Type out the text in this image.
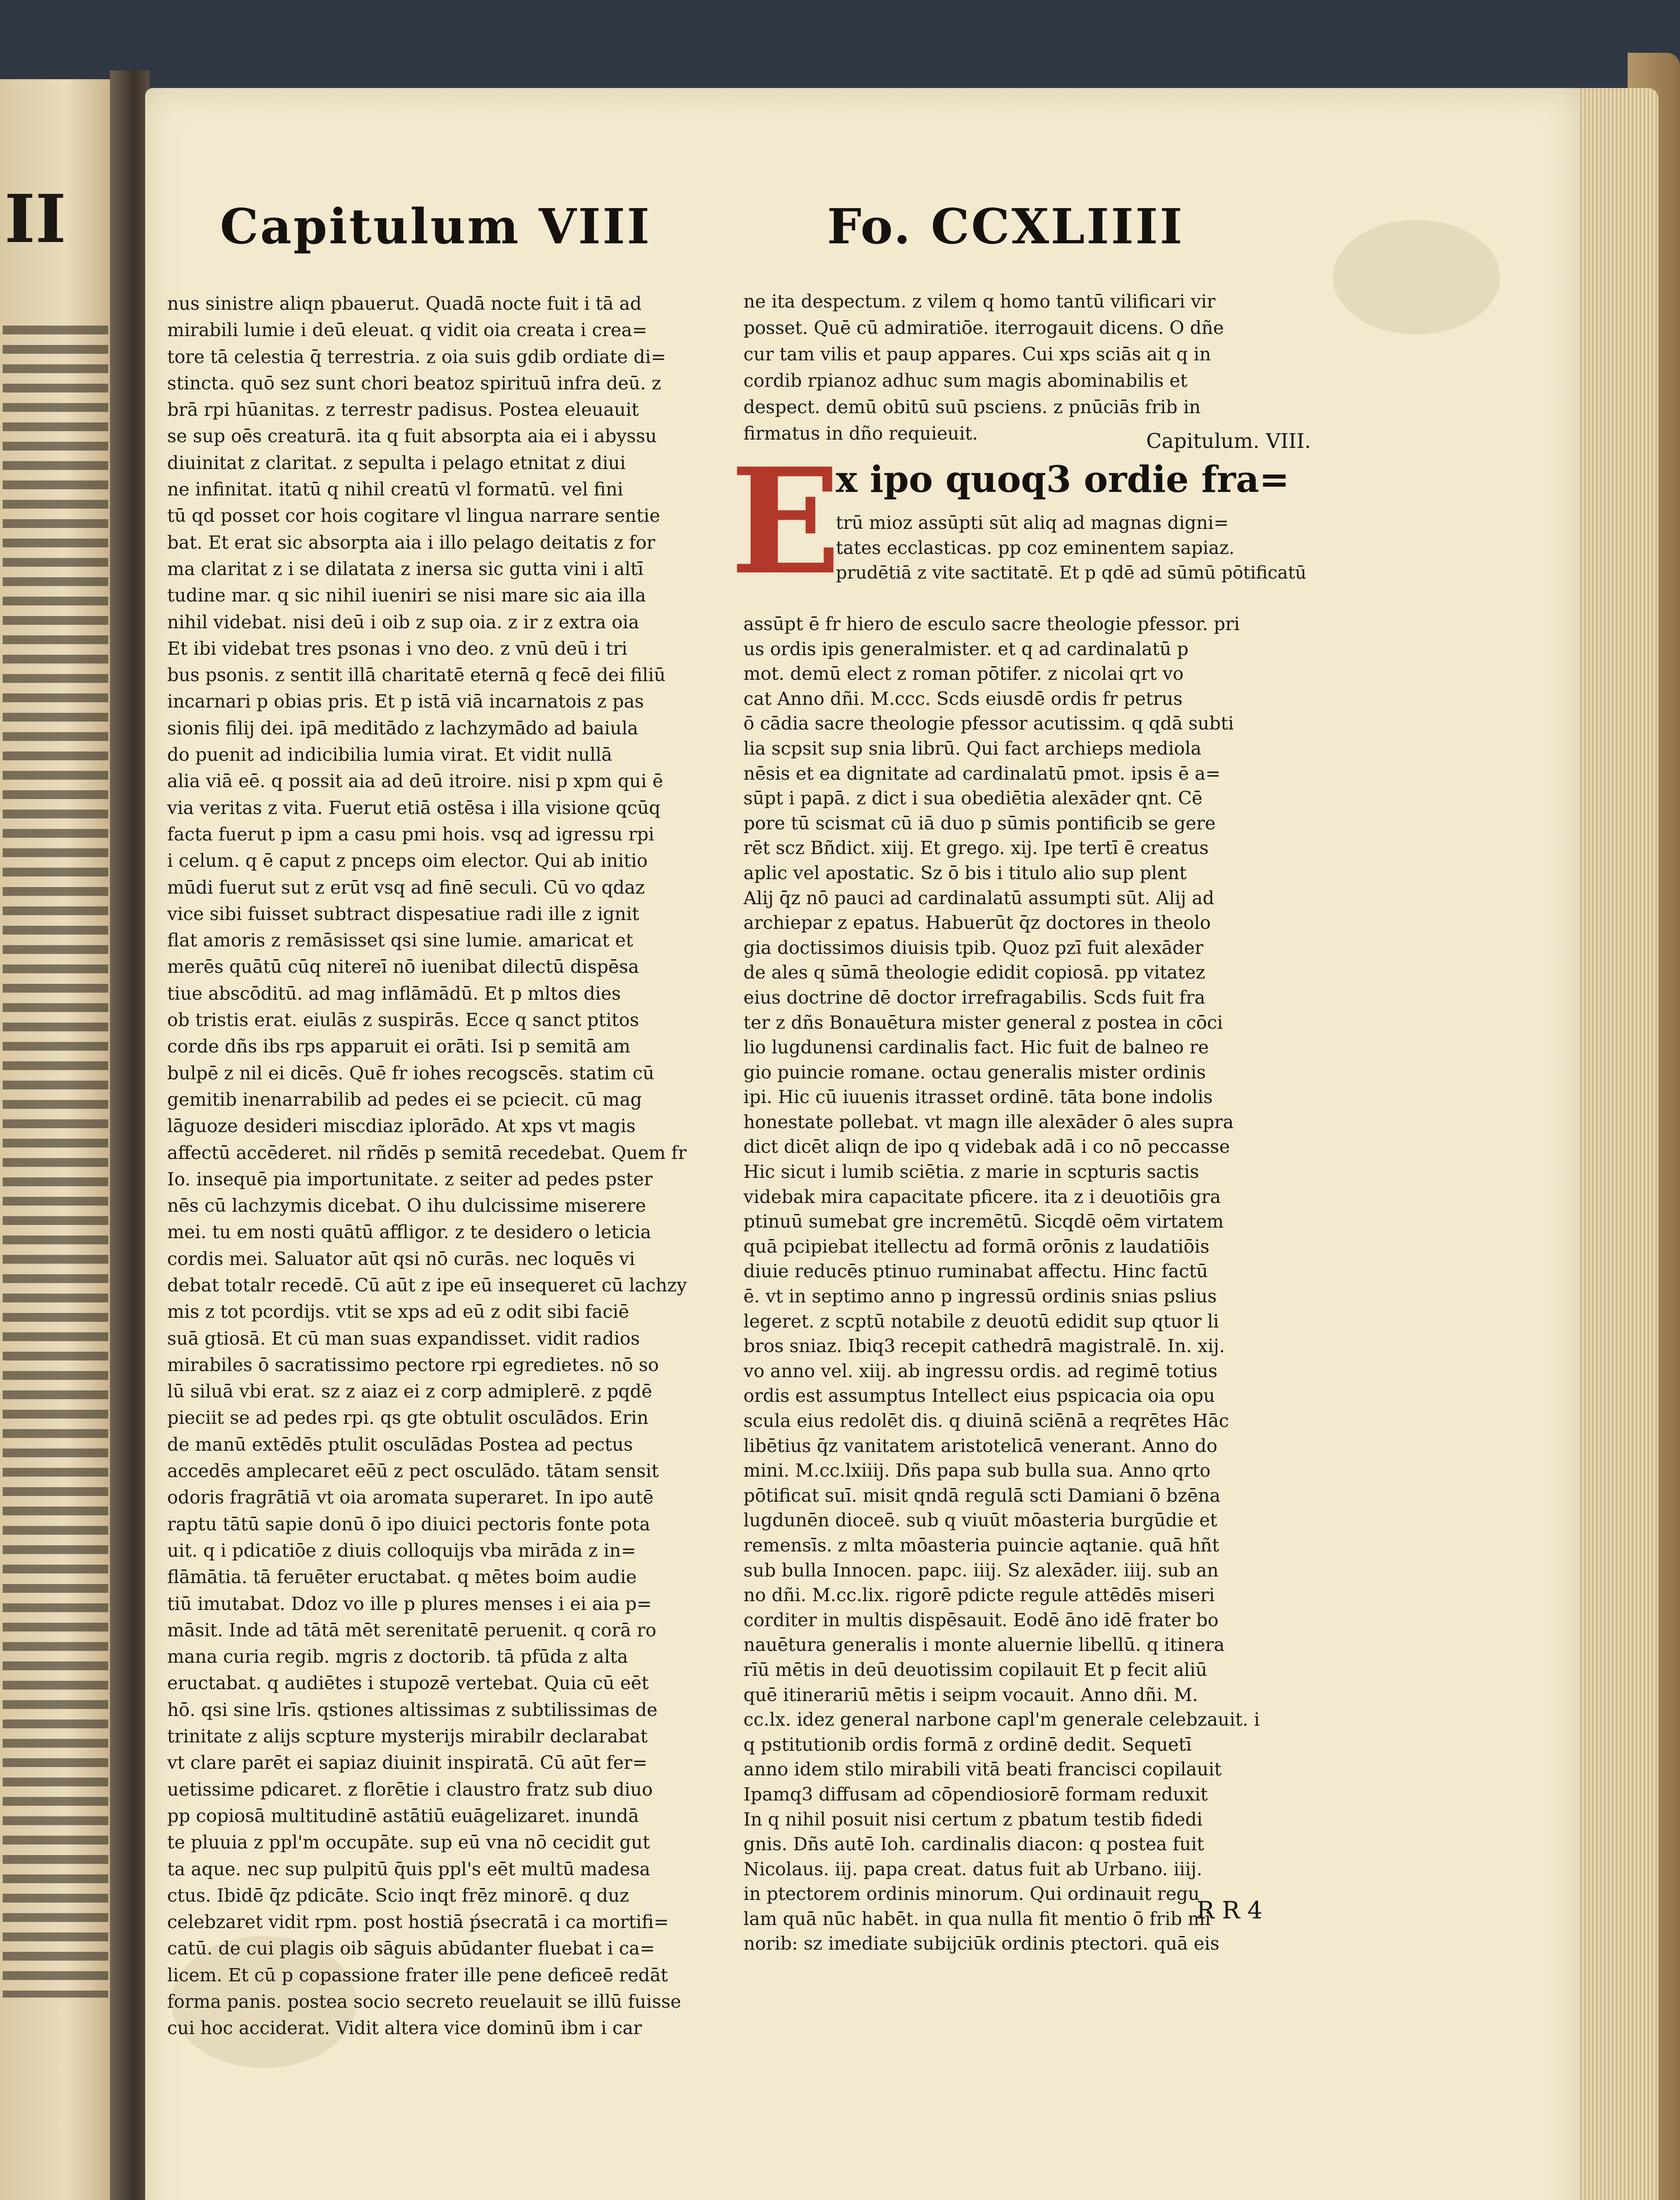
II	Capitulum VIII	Fo. CCXLIIII

nus sinistre aliqn pbauerut. Quadā nocte fuit i tā ad

mirabili lumie i deū eleuat. q vidit oia creata i crea=

tore tā celestia q̄ terrestria. z oia suis gdib ordiate di=

stincta. quō sez sunt chori beatoz spirituū infra deū. z

brā rpi hūanitas. z terrestr padisus. Postea eleuauit

se sup oēs creaturā. ita q fuit absorpta aia ei i abyssu

diuinitat z claritat. z sepulta i pelago etnitat z diui

ne infinitat. itatū q nihil creatū vl formatū. vel fini

tū qd posset cor hois cogitare vl lingua narrare sentie

bat. Et erat sic absorpta aia i illo pelago deitatis z for

ma claritat z i se dilatata z inersa sic gutta vini i altī

tudine mar. q sic nihil iueniri se nisi mare sic aia illa

nihil videbat. nisi deū i oib z sup oia. z ir z extra oia

Et ibi videbat tres psonas i vno deo. z vnū deū i tri

bus psonis. z sentit illā charitatē eternā q fecē dei filiū

incarnari p obias pris. Et p istā viā incarnatois z pas

sionis filij dei. ipā meditādo z lachzymādo ad baiula

do puenit ad indicibilia lumia virat. Et vidit nullā

alia viā eē. q possit aia ad deū itroire. nisi p xpm qui ē

via veritas z vita. Fuerut etiā ostēsa i illa visione qcūq

facta fuerut p ipm a casu pmi hois. vsq ad igressu rpi

i celum. q ē caput z pnceps oim elector. Qui ab initio

mūdi fuerut sut z erūt vsq ad finē seculi. Cū vo qdaz

vice sibi fuisset subtract dispesatiue radi ille z ignit

flat amoris z remāsisset qsi sine lumie. amaricat et

merēs quātū cūq nitereī nō iuenibat dilectū dispēsa

tiue abscōditū. ad mag inflāmādū. Et p mltos dies

ob tristis erat. eiulās z suspirās. Ecce q sanct ptitos

corde dñs ibs rps apparuit ei orāti. Isi p semitā am

bulpē z nil ei dicēs. Quē fr iohes recogscēs. statim cū

gemitib inenarrabilib ad pedes ei se pciecit. cū mag

lāguoze desideri miscdiaz iplorādo. At xps vt magis

affectū accēderet. nil rñdēs p semitā recedebat. Quem fr

Io. insequē pia importunitate. z seiter ad pedes pster

nēs cū lachzymis dicebat. O ihu dulcissime miserere

mei. tu em nosti quātū affligor. z te desidero o leticia

cordis mei. Saluator aūt qsi nō curās. nec loquēs vi

debat totalr recedē. Cū aūt z ipe eū insequeret cū lachzy

mis z tot pcordijs. vtit se xps ad eū z odit sibi faciē

suā gtiosā. Et cū man suas expandisset. vidit radios

mirabiles ō sacratissimo pectore rpi egredietes. nō so

lū siluā vbi erat. sz z aiaz ei z corp admiplerē. z pqdē

pieciit se ad pedes rpi. qs gte obtulit osculādos. Erin

de manū extēdēs ptulit osculādas Postea ad pectus

accedēs amplecaret eēū z pect osculādo. tātam sensit

odoris fragrātiā vt oia aromata superaret. In ipo autē

raptu tātū sapie donū ō ipo diuici pectoris fonte pota

uit. q i pdicatiōe z diuis colloquijs vba mirāda z in=

flāmātia. tā feruēter eructabat. q mētes boim audie

tiū imutabat. Ddoz vo ille p plures menses i ei aia p=

māsit. Inde ad tātā mēt serenitatē peruenit. q corā ro

mana curia regib. mgris z doctorib. tā pfūda z alta

eructabat. q audiētes i stupozē vertebat. Quia cū eēt

hō. qsi sine lrīs. qstiones altissimas z subtilissimas de

trinitate z alijs scpture mysterijs mirabilr declarabat

vt clare parēt ei sapiaz diuinit inspiratā. Cū aūt fer=

uetissime pdicaret. z florētie i claustro fratz sub diuo

pp copiosā multitudinē astātiū euāgelizaret. inundā

te pluuia z ppl'm occupāte. sup eū vna nō cecidit gut

ta aque. nec sup pulpitū q̄uis ppl's eēt multū madesa

ctus. Ibidē q̄z pdicāte. Scio inqt frēz minorē. q duz

celebzaret vidit rpm. post hostiā ṕsecratā i ca mortifi=

catū. de cui plagis oib sāguis abūdanter fluebat i ca=

licem. Et cū p copassione frater ille pene deficeē redāt

forma panis. postea socio secreto reuelauit se illū fuisse

cui hoc acciderat. Vidit altera vice dominū ibm i car

ne ita despectum. z vilem q homo tantū vilificari vir

posset. Quē cū admiratiōe. iterrogauit dicens. O dñe

cur tam vilis et paup appares. Cui xps sciās ait q in

cordib rpianoz adhuc sum magis abominabilis et

despect. demū obitū suū psciens. z pnūciās frib in

firmatus in dño requieuit.	Capitulum. VIII.

E

x ipo quoq3 ordie fra=

trū mioz assūpti sūt aliq ad magnas digni=

tates ecclasticas. pp coz eminentem sapiaz.

prudētiā z vite sactitatē. Et p qdē ad sūmū pōtificatū

assūpt ē fr hiero de esculo sacre theologie pfessor. pri

us ordis ipis generalmister. et q ad cardinalatū p

mot. demū elect z roman pōtifer. z nicolai qrt vo

cat Anno dñi. M.ccc. Scds eiusdē ordis fr petrus

ō cādia sacre theologie pfessor acutissim. q qdā subti

lia scpsit sup snia librū. Qui fact archieps mediola

nēsis et ea dignitate ad cardinalatū pmot. ipsis ē a=

sūpt i papā. z dict i sua obediētia alexāder qnt. Cē

pore tū scismat cū iā duo p sūmis pontificib se gere

rēt scz Bñdict. xiij. Et grego. xij. Ipe tertī ē creatus

aplic vel apostatic. Sz ō bis i titulo alio sup plent

Alij q̄z nō pauci ad cardinalatū assumpti sūt. Alij ad

archiepar z epatus. Habuerūt q̄z doctores in theolo

gia doctissimos diuisis tpib. Quoz pzī fuit alexāder

de ales q sūmā theologie edidit copiosā. pp vitatez

eius doctrine dē doctor irrefragabilis. Scds fuit fra

ter z dñs Bonauētura mister general z postea in cōci

lio lugdunensi cardinalis fact. Hic fuit de balneo re

gio puincie romane. octau generalis mister ordinis

ipi. Hic cū iuuenis itrasset ordinē. tāta bone indolis

honestate pollebat. vt magn ille alexāder ō ales supra

dict dicēt aliqn de ipo q videbak adā i co nō peccasse

Hic sicut i lumib sciētia. z marie in scpturis sactis

videbak mira capacitate pficere. ita z i deuotiōis gra

ptinuū sumebat gre incremētū. Sicqdē oēm virtatem

quā pcipiebat itellectu ad formā orōnis z laudatiōis

diuie reducēs ptinuo ruminabat affectu. Hinc factū

ē. vt in septimo anno p ingressū ordinis snias pslius

legeret. z scptū notabile z deuotū edidit sup qtuor li

bros sniaz. Ibiq3 recepit cathedrā magistralē. In. xij.

vo anno vel. xiij. ab ingressu ordis. ad regimē totius

ordis est assumptus Intellect eius pspicacia oia opu

scula eius redolēt dis. q diuinā sciēnā a reqrētes Hāc

libētius q̄z vanitatem aristotelicā venerant. Anno do

mini. M.cc.lxiiij. Dñs papa sub bulla sua. Anno qrto

pōtificat suī. misit qndā regulā scti Damiani ō bzēna

lugdunēn dioceē. sub q viuūt mōasteria burgūdie et

remensīs. z mlta mōasteria puincie aqtanie. quā hñt

sub bulla Innocen. papc. iiij. Sz alexāder. iiij. sub an

no dñi. M.cc.lix. rigorē pdicte regule attēdēs miseri

corditer in multis dispēsauit. Eodē āno idē frater bo

nauētura generalis i monte aluernie libellū. q itinera

rīū mētis in deū deuotissim copilauit Et p fecit aliū

quē itinerariū mētis i seipm vocauit. Anno dñi. M.

cc.lx. idez general narbone capl'm generale celebzauit. i

q pstitutionib ordis formā z ordinē dedit. Sequetī

anno idem stilo mirabili vitā beati francisci copilauit

Ipamq3 diffusam ad cōpendiosiorē formam reduxit

In q nihil posuit nisi certum z pbatum testib fidedi

gnis. Dñs autē Ioh. cardinalis diacon: q postea fuit

Nicolaus. iij. papa creat. datus fuit ab Urbano. iiij.

in ptectorem ordinis minorum. Qui ordinauit regu

lam quā nūc habēt. in qua nulla fit mentio ō frib mi

norib: sz imediate subijciūk ordinis ptectori. quā eis

R R 4
